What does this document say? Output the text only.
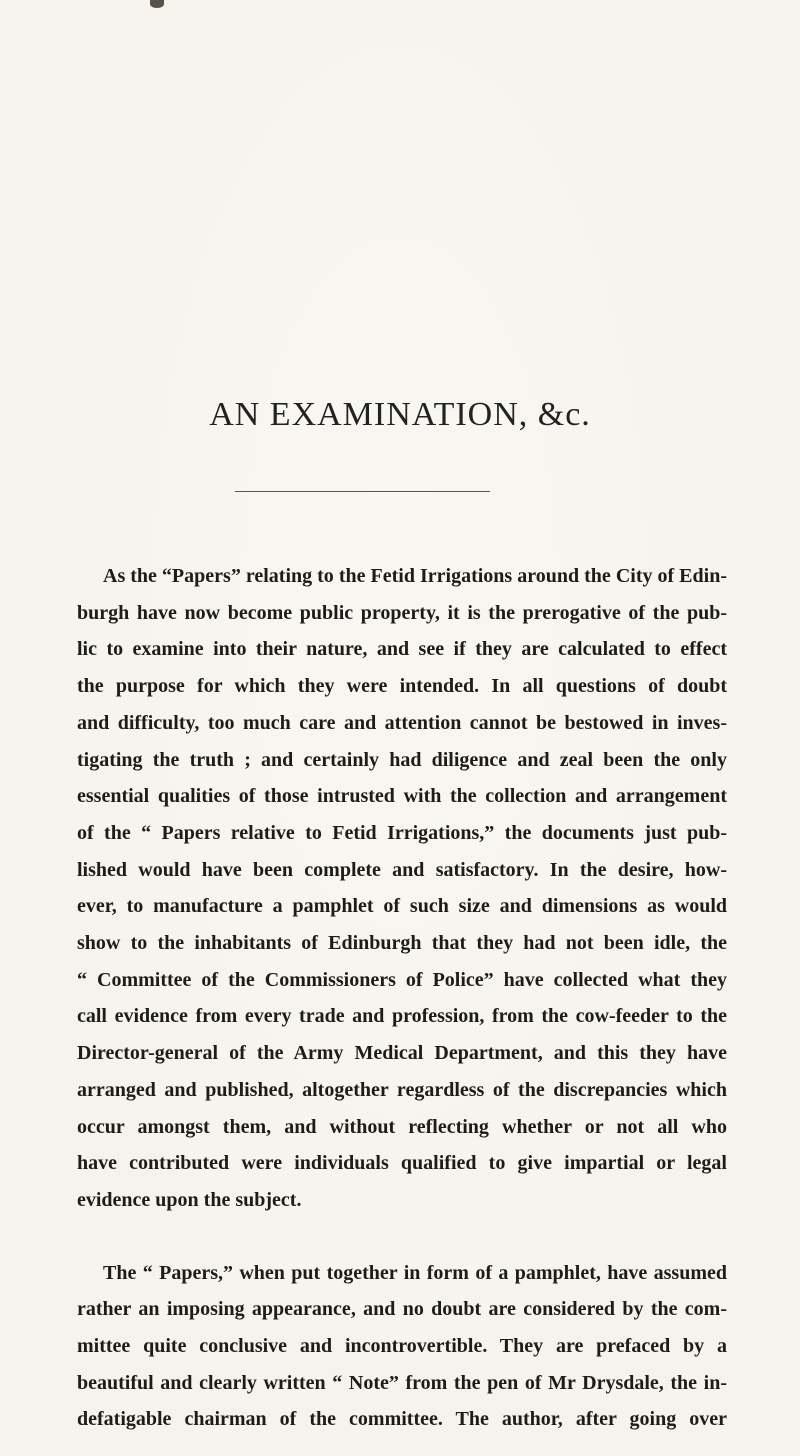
AN EXAMINATION, &c.
As the “Papers” relating to the Fetid Irrigations around the City of Edin-
burgh have now become public property, it is the prerogative of the pub-
lic to examine into their nature, and see if they are calculated to effect
the purpose for which they were intended. In all questions of doubt
and difficulty, too much care and attention cannot be bestowed in inves-
tigating the truth ; and certainly had diligence and zeal been the only
essential qualities of those intrusted with the collection and arrangement
of the “ Papers relative to Fetid Irrigations,” the documents just pub-
lished would have been complete and satisfactory. In the desire, how-
ever, to manufacture a pamphlet of such size and dimensions as would
show to the inhabitants of Edinburgh that they had not been idle, the
“ Committee of the Commissioners of Police” have collected what they
call evidence from every trade and profession, from the cow-feeder to the
Director-general of the Army Medical Department, and this they have
arranged and published, altogether regardless of the discrepancies which
occur amongst them, and without reflecting whether or not all who
have contributed were individuals qualified to give impartial or legal
evidence upon the subject.
The “ Papers,” when put together in form of a pamphlet, have assumed
rather an imposing appearance, and no doubt are considered by the com-
mittee quite conclusive and incontrovertible. They are prefaced by a
beautiful and clearly written “ Note” from the pen of Mr Drysdale, the in-
defatigable chairman of the committee. The author, after going over
